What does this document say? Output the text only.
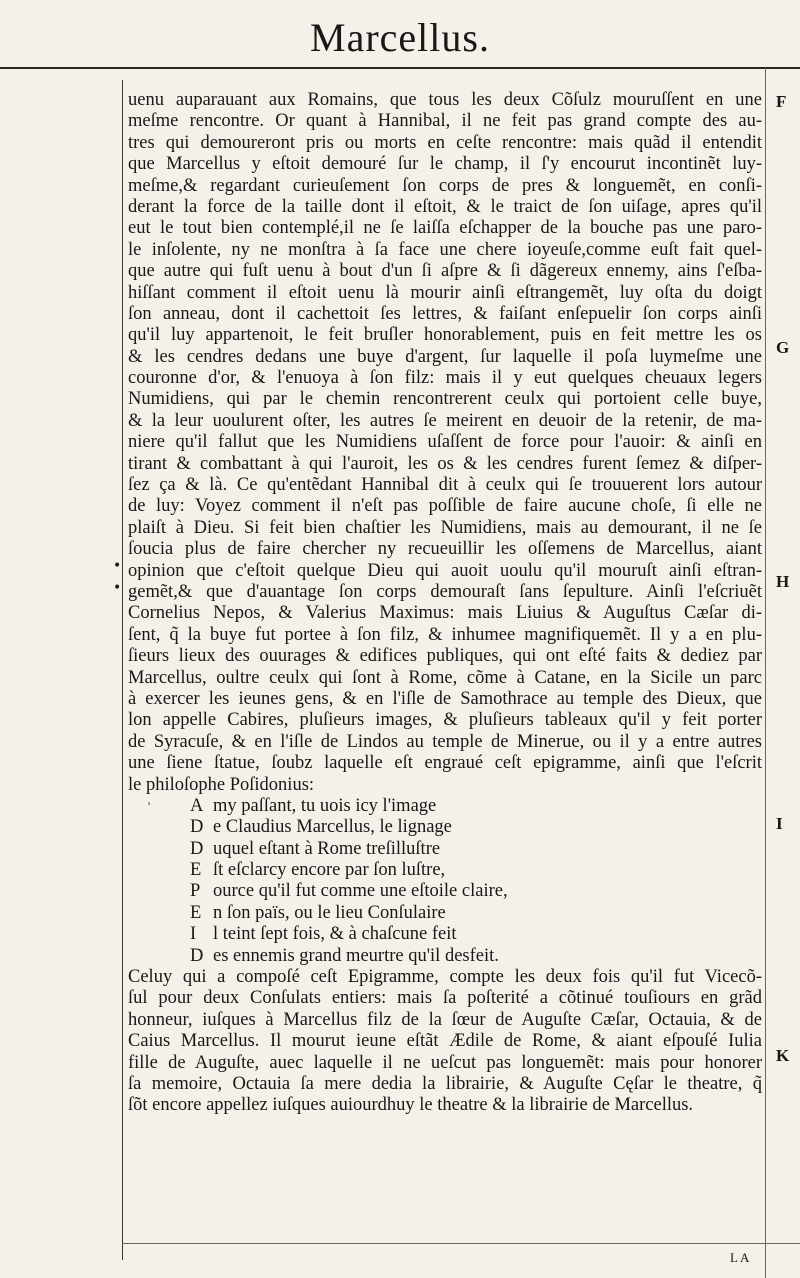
Marcellus.
uenu auparauant aux Romains, que tous les deux Cõſulz mouruſſent en une
meſme rencontre. Or quant à Hannibal, il ne feit pas grand compte des au-
tres qui demoureront pris ou morts en ceſte rencontre: mais quãd il entendit
que Marcellus y eſtoit demouré ſur le champ, il ſ'y encourut incontinẽt luy-
meſme,& regardant curieuſement ſon corps de pres & longuemẽt, en conſi-
derant la force de la taille dont il eſtoit, & le traict de ſon uiſage, apres qu'il
eut le tout bien contemplé,il ne ſe laiſſa eſchapper de la bouche pas une paro-
le inſolente, ny ne monſtra à ſa face une chere ioyeuſe,comme euſt fait quel-
que autre qui fuſt uenu à bout d'un ſi aſpre & ſi dãgereux ennemy, ains ſ'eſba-
hiſſant comment il eſtoit uenu là mourir ainſi eſtrangemẽt, luy oſta du doigt
ſon anneau, dont il cachettoit ſes lettres, & faiſant enſepuelir ſon corps ainſi
qu'il luy appartenoit, le feit bruſler honorablement, puis en feit mettre les os
& les cendres dedans une buye d'argent, ſur laquelle il poſa luymeſme une
couronne d'or, & l'enuoya à ſon filz: mais il y eut quelques cheuaux legers
Numidiens, qui par le chemin rencontrerent ceulx qui portoient celle buye,
& la leur uoulurent oſter, les autres ſe meirent en deuoir de la retenir, de ma-
niere qu'il fallut que les Numidiens uſaſſent de force pour l'auoir: & ainſi en
tirant & combattant à qui l'auroit, les os & les cendres furent ſemez & diſper-
ſez ça & là. Ce qu'entẽdant Hannibal dit à ceulx qui ſe trouuerent lors autour
de luy: Voyez comment il n'eſt pas poſſible de faire aucune choſe, ſi elle ne
plaiſt à Dieu. Si feit bien chaſtier les Numidiens, mais au demourant, il ne ſe
ſoucia plus de faire chercher ny recueuillir les oſſemens de Marcellus, aiant
opinion que c'eſtoit quelque Dieu qui auoit uoulu qu'il mouruſt ainſi eſtran-
gemẽt,& que d'auantage ſon corps demouraſt ſans ſepulture. Ainſi l'eſcriuẽt
Cornelius Nepos, & Valerius Maximus: mais Liuius & Auguſtus Cæſar di-
ſent, q̃ la buye fut portee à ſon filz, & inhumee magnifiquemẽt. Il y a en plu-
ſieurs lieux des ouurages & edifices publiques, qui ont eſté faits & dediez par
Marcellus, oultre ceulx qui ſont à Rome, cõme à Catane, en la Sicile un parc
à exercer les ieunes gens, & en l'iſle de Samothrace au temple des Dieux, que
lon appelle Cabires, pluſieurs images, & pluſieurs tableaux qu'il y feit porter
de Syracuſe, & en l'iſle de Lindos au temple de Minerue, ou il y a entre autres
une ſiene ſtatue, ſoubz laquelle eſt engraué ceſt epigramme, ainſi que l'eſcrit
le philoſophe Poſidonius:
' A my paſſant, tu uois icy l'image
D e Claudius Marcellus, le lignage
D uquel eſtant à Rome treſilluſtre
E ſt eſclarcy encore par ſon luſtre,
P ource qu'il fut comme une eſtoile claire,
E n ſon païs, ou le lieu Conſulaire
I l teint ſept fois, & à chaſcune feit
D es ennemis grand meurtre qu'il desfeit.
Celuy qui a compoſé ceſt Epigramme, compte les deux fois qu'il fut Vicecõ-
ſul pour deux Conſulats entiers: mais ſa poſterité a cõtinué touſiours en grãd
honneur, iuſques à Marcellus filz de la ſœur de Auguſte Cæſar, Octauia, & de
Caius Marcellus. Il mourut ieune eſtãt Ædile de Rome, & aiant eſpouſé Iulia
fille de Auguſte, auec laquelle il ne ueſcut pas longuemẽt: mais pour honorer
ſa memoire, Octauia ſa mere dedia la librairie, & Auguſte Cęſar le theatre, q̃
ſõt encore appellez iuſques auiourdhuy le theatre & la librairie de Marcellus.
F
G
H
I
K
•
•
LA
